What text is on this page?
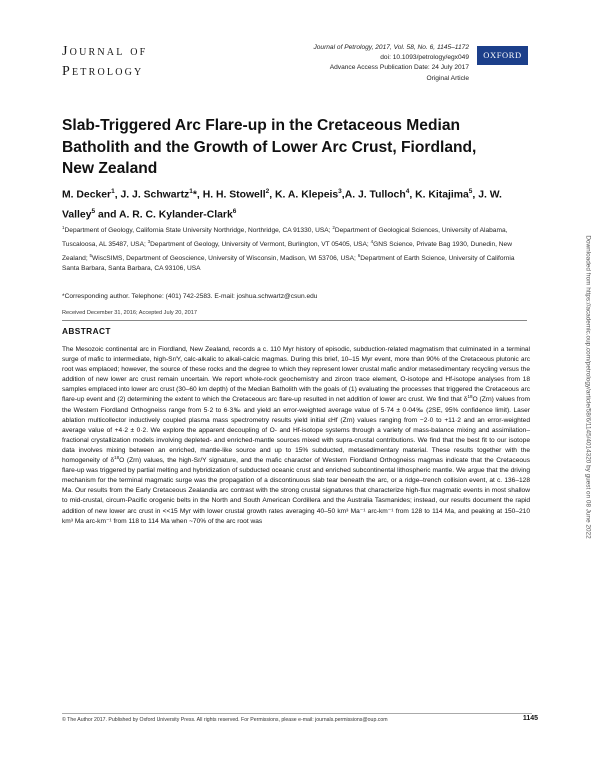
Journal of
Petrology
Journal of Petrology, 2017, Vol. 58, No. 6, 1145–1172
doi: 10.1093/petrology/egx049
Advance Access Publication Date: 24 July 2017
Original Article
OXFORD
Slab-Triggered Arc Flare-up in the Cretaceous Median Batholith and the Growth of Lower Arc Crust, Fiordland, New Zealand
M. Decker$^1$, J. J. Schwartz$^1$*, H. H. Stowell$^2$, K. A. Klepeis$^3$,A. J. Tulloch$^4$, K. Kitajima$^5$, J. W. Valley$^5$ and A. R. C. Kylander-Clark$^6$
$^1$Department of Geology, California State University Northridge, Northridge, CA 91330, USA; $^2$Department of Geological Sciences, University of Alabama, Tuscaloosa, AL 35487, USA; $^3$Department of Geology, University of Vermont, Burlington, VT 05405, USA; $^4$GNS Science, Private Bag 1930, Dunedin, New Zealand; $^5$WiscSIMS, Department of Geoscience, University of Wisconsin, Madison, WI 53706, USA; $^6$Department of Earth Science, University of California Santa Barbara, Santa Barbara, CA 93106, USA
*Corresponding author. Telephone: (401) 742-2583. E-mail: joshua.schwartz@csun.edu
Received December 31, 2016; Accepted July 20, 2017
ABSTRACT
The Mesozoic continental arc in Fiordland, New Zealand, records a c. 110 Myr history of episodic, subduction-related magmatism that culminated in a terminal surge of mafic to intermediate, high-Sr/Y, calc-alkalic to alkali-calcic magmas. During this brief, 10–15 Myr event, more than 90% of the Cretaceous plutonic arc root was emplaced; however, the source of these rocks and the degree to which they represent lower crustal mafic and/or metasedimentary recycling versus the addition of new lower arc crust remain uncertain. We report whole-rock geochemistry and zircon trace element, O-isotope and Hf-isotope analyses from 18 samples emplaced into lower arc crust (30–60 km depth) of the Median Batholith with the goals of (1) evaluating the processes that triggered the Cretaceous arc flare-up event and (2) determining the extent to which the Cretaceous arc flare-up resulted in net addition of lower arc crust. We find that $\delta^{18}O$ (Zrn) values from the Western Fiordland Orthogneiss range from 5·2 to 6·3‰ and yield an error-weighted average value of 5·74 ± 0·04‰ (2SE, 95% confidence limit). Laser ablation multicollector inductively coupled plasma mass spectrometry results yield initial εHf (Zrn) values ranging from −2·0 to +11·2 and an error-weighted average value of +4·2 ± 0·2. We explore the apparent decoupling of O- and Hf-isotope systems through a variety of mass-balance mixing and assimilation–fractional crystallization models involving depleted- and enriched-mantle sources mixed with supra-crustal contributions. We find that the best fit to our isotope data involves mixing between an enriched, mantle-like source and up to 15% subducted, metasedimentary material. These results together with the homogeneity of $\delta^{18}O$ (Zrn) values, the high-Sr/Y signature, and the mafic character of Western Fiordland Orthogneiss magmas indicate that the Cretaceous flare-up was triggered by partial melting and hybridization of subducted oceanic crust and enriched subcontinental lithospheric mantle. We argue that the driving mechanism for the terminal magmatic surge was the propagation of a discontinuous slab tear beneath the arc, or a ridge–trench collision event, at c. 136–128 Ma. Our results from the Early Cretaceous Zealandia arc contrast with the strong crustal signatures that characterize high-flux magmatic events in most shallow to mid-crustal, circum-Pacific orogenic belts in the North and South American Cordillera and the Australia Tasmanides; instead, our results document the rapid addition of new lower arc crust in <<15 Myr with lower crustal growth rates averaging 40–50 km³ Ma⁻¹ arc-km⁻¹ from 128 to 114 Ma, and peaking at 150–210 km³ Ma arc-km⁻¹ from 118 to 114 Ma when ~70% of the arc root was
© The Author 2017. Published by Oxford University Press. All rights reserved. For Permissions, please e-mail: journals.permissions@oup.com	1145
Downloaded from https://academic.oup.com/petrology/article/58/6/1145/4014320 by guest on 08 June 2022
